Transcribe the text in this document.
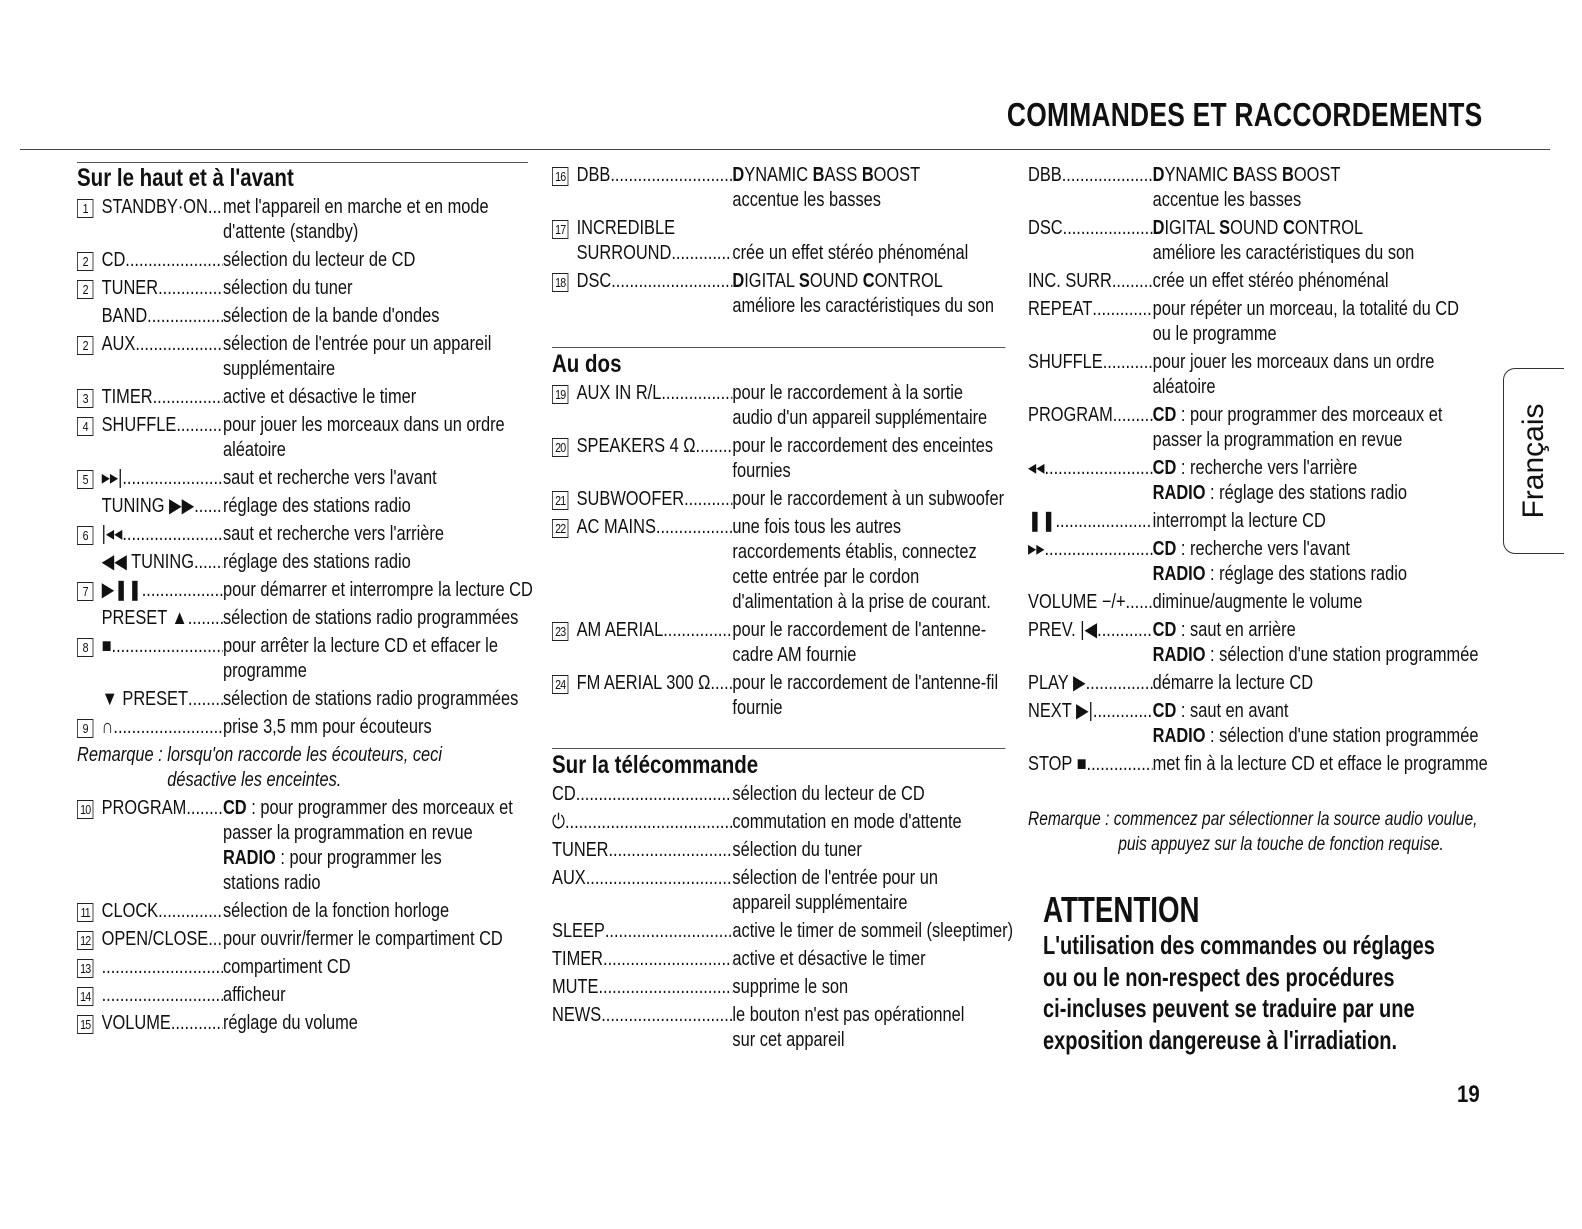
COMMANDES ET RACCORDEMENTS
Sur le haut et à l'avant
1 STANDBY·ON ..... met l'appareil en marche et en mode
d'attente (standby)
2 CD .....	sélection du lecteur de CD
2 TUNER .....	sélection du tuner
BAND .....	sélection de la bande d'ondes
2 AUX .....	sélection de l'entrée pour un appareil
supplémentaire
3 TIMER .....	active et désactive le timer
4 SHUFFLE ..... pour jouer les morceaux dans un ordre
aléatoire
5 ▸▸| .....	saut et recherche vers l'avant
TUNING ▶▶ ..... réglage des stations radio
6 |◂◂ .....	saut et recherche vers l'arrière
◀◀ TUNING ..... réglage des stations radio
7 ▶❚❚ .....	pour démarrer et interrompre la lecture CD
PRESET ▲ ..... sélection de stations radio programmées
8 ■ .....	pour arrêter la lecture CD et effacer le
programme
▼ PRESET ..... sélection de stations radio programmées
9 ∩ .....	prise 3,5 mm pour écouteurs
Remarque : lorsqu'on raccorde les écouteurs, ceci
désactive les enceintes.
10 PROGRAM ..... CD : pour programmer des morceaux et
passer la programmation en revue
RADIO : pour programmer les
stations radio
11 CLOCK .....	sélection de la fonction horloge
12 OPEN/CLOSE ..... pour ouvrir/fermer le compartiment CD
13 .....	compartiment CD
14 .....	afficheur
15 VOLUME .....	réglage du volume
16 DBB .....	DYNAMIC BASS BOOST
accentue les basses
17 INCREDIBLE
SURROUND .....	crée un effet stéréo phénoménal
18 DSC .....	DIGITAL SOUND CONTROL
améliore les caractéristiques du son
Au dos
19 AUX IN R/L .....	pour le raccordement à la sortie
audio d'un appareil supplémentaire
20 SPEAKERS 4 Ω ..... pour le raccordement des enceintes
fournies
21 SUBWOOFER ..... pour le raccordement à un subwoofer
22 AC MAINS .....	une fois tous les autres
raccordements établis, connectez
cette entrée par le cordon
d'alimentation à la prise de courant.
23 AM AERIAL .....	pour le raccordement de l'antenne-
cadre AM fournie
24 FM AERIAL 300 Ω ..... pour le raccordement de l'antenne-fil
fournie
Sur la télécommande
CD .....	sélection du lecteur de CD
⏻ .....	commutation en mode d'attente
TUNER .....	sélection du tuner
AUX .....	sélection de l'entrée pour un
appareil supplémentaire
SLEEP .....	active le timer de sommeil (sleeptimer)
TIMER .....	active et désactive le timer
MUTE .....	supprime le son
NEWS .....	le bouton n'est pas opérationnel
sur cet appareil
DBB .....	DYNAMIC BASS BOOST
accentue les basses
DSC .....	DIGITAL SOUND CONTROL
améliore les caractéristiques du son
INC. SURR. ..... crée un effet stéréo phénoménal
REPEAT .....	pour répéter un morceau, la totalité du CD
ou le programme
SHUFFLE ..... pour jouer les morceaux dans un ordre
aléatoire
PROGRAM ..... CD : pour programmer des morceaux et
passer la programmation en revue
◂◂ .....	CD : recherche vers l'arrière
RADIO : réglage des stations radio
❚❚ .....	interrompt la lecture CD
▸▸ .....	CD : recherche vers l'avant
RADIO : réglage des stations radio
VOLUME −/+ ..... diminue/augmente le volume
PREV. |◀ .....	CD : saut en arrière
RADIO : sélection d'une station programmée
PLAY ▶ .....	démarre la lecture CD
NEXT ▶| .....	CD : saut en avant
RADIO : sélection d'une station programmée
STOP ■ .....	met fin à la lecture CD et efface le programme
Remarque : commencez par sélectionner la source audio voulue,
puis appuyez sur la touche de fonction requise.
Français
ATTENTION
L'utilisation des commandes ou réglages
ou ou le non-respect des procédures
ci-incluses peuvent se traduire par une
exposition dangereuse à l'irradiation.
19
